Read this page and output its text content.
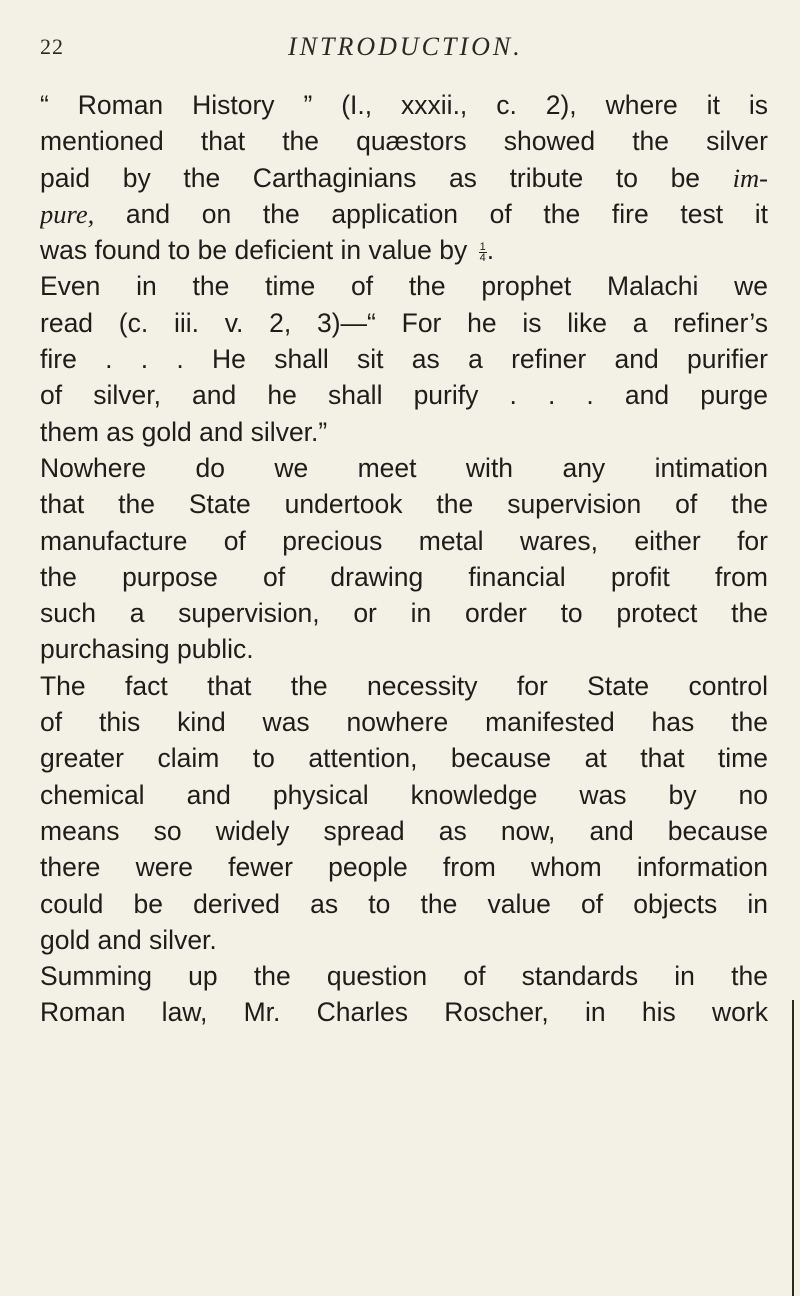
22	INTRODUCTION.
“ Roman History ” (I., xxxii., c. 2), where it is
mentioned that the quæstors showed the silver
paid by the Carthaginians as tribute to be im-
pure, and on the application of the fire test it
was found to be deficient in value by $\frac{1}{4}$ .
Even in the time of the prophet Malachi we
read (c. iii. v. 2, 3)—“ For he is like a refiner’s
fire . . . He shall sit as a refiner and purifier
of silver, and he shall purify . . . and purge
them as gold and silver.”
Nowhere do we meet with any intimation
that the State undertook the supervision of the
manufacture of precious metal wares, either for
the purpose of drawing financial profit from
such a supervision, or in order to protect the
purchasing public.
The fact that the necessity for State control
of this kind was nowhere manifested has the
greater claim to attention, because at that time
chemical and physical knowledge was by no
means so widely spread as now, and because
there were fewer people from whom information
could be derived as to the value of objects in
gold and silver.
Summing up the question of standards in the
Roman law, Mr. Charles Roscher, in his work
